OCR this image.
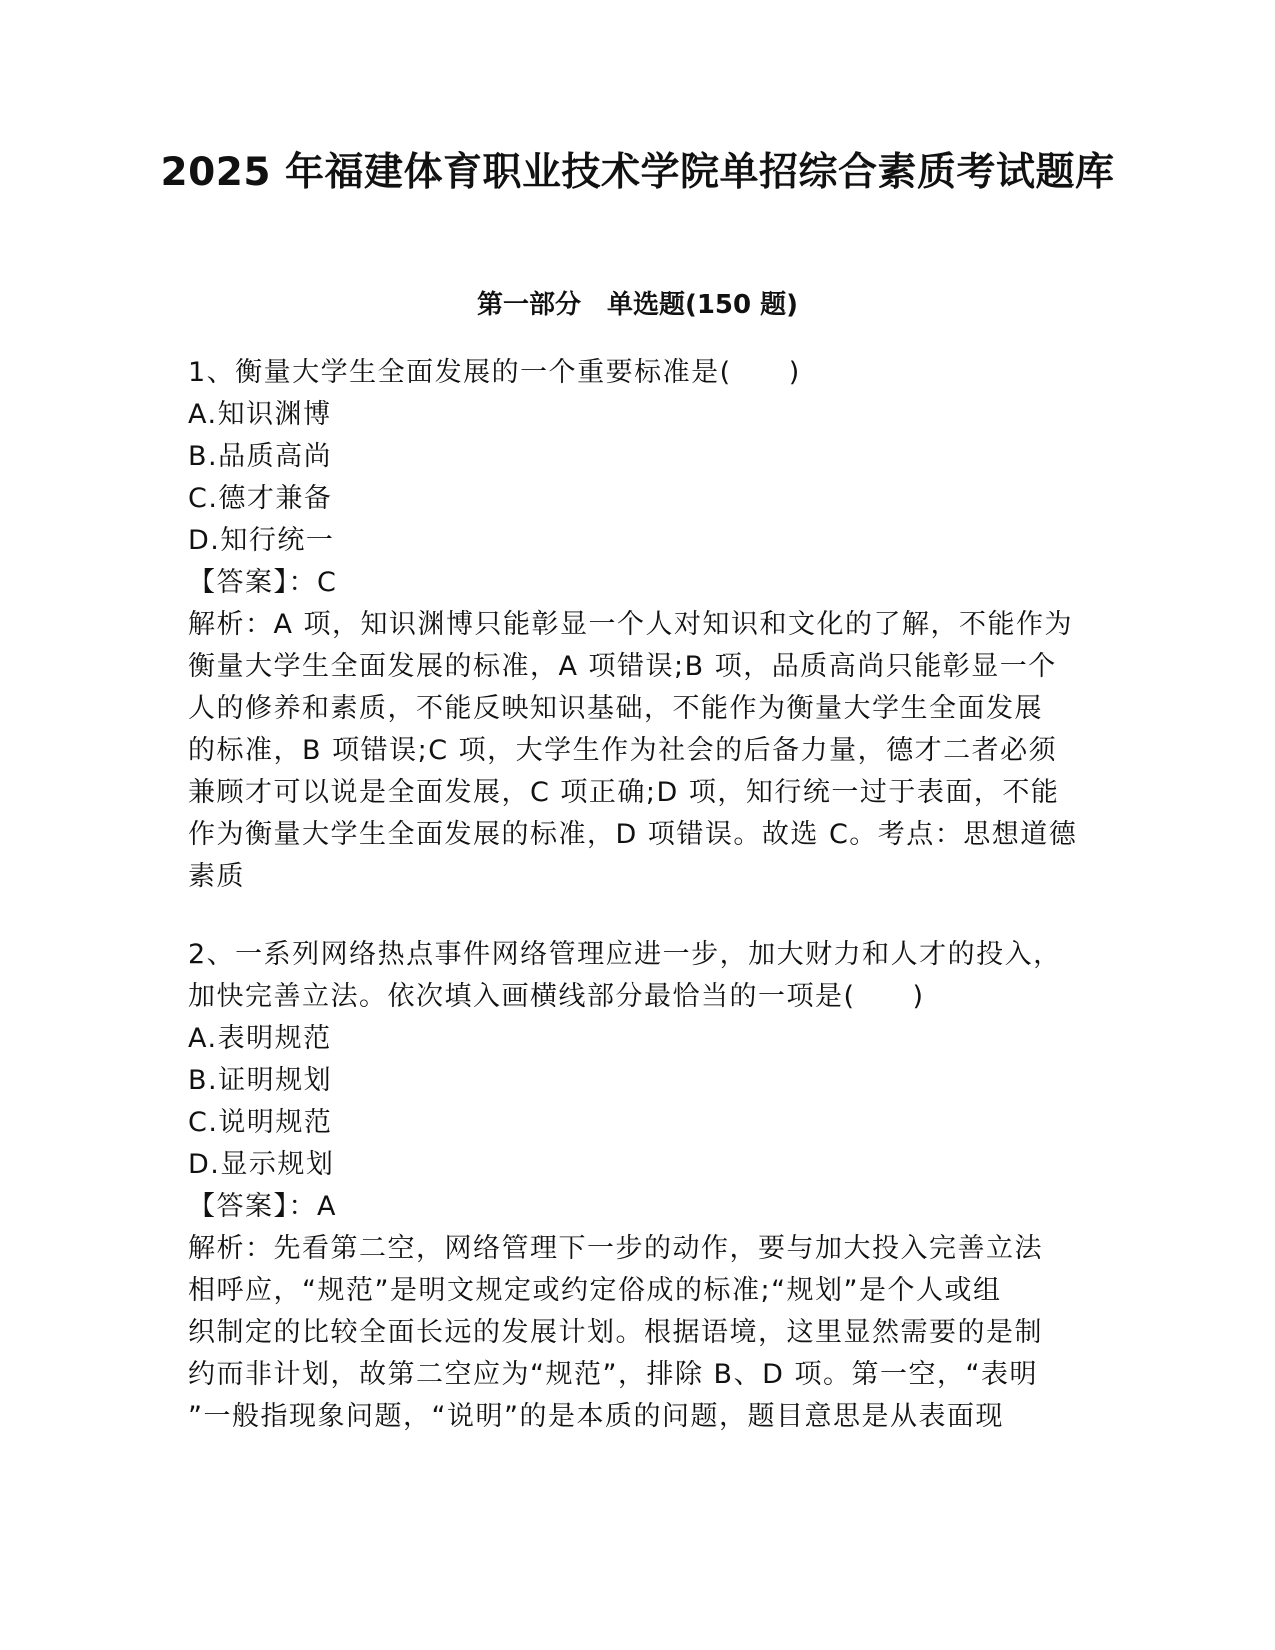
2025 年福建体育职业技术学院单招综合素质考试题库
第一部分　单选题(150 题)
1、衡量大学生全面发展的一个重要标准是(　　)
A.知识渊博
B.品质高尚
C.德才兼备
D.知行统一
【答案】：C
解析：A 项，知识渊博只能彰显一个人对知识和文化的了解，不能作为
衡量大学生全面发展的标准，A 项错误;B 项，品质高尚只能彰显一个
人的修养和素质，不能反映知识基础，不能作为衡量大学生全面发展
的标准，B 项错误;C 项，大学生作为社会的后备力量，德才二者必须
兼顾才可以说是全面发展，C 项正确;D 项，知行统一过于表面，不能
作为衡量大学生全面发展的标准，D 项错误。故选 C。考点：思想道德
素质
2、一系列网络热点事件网络管理应进一步，加大财力和人才的投入，
加快完善立法。依次填入画横线部分最恰当的一项是(　　)
A.表明规范
B.证明规划
C.说明规范
D.显示规划
【答案】：A
解析：先看第二空，网络管理下一步的动作，要与加大投入完善立法
相呼应，“规范”是明文规定或约定俗成的标准;“规划”是个人或组
织制定的比较全面长远的发展计划。根据语境，这里显然需要的是制
约而非计划，故第二空应为“规范”，排除 B、D 项。第一空，“表明
”一般指现象问题，“说明”的是本质的问题，题目意思是从表面现
